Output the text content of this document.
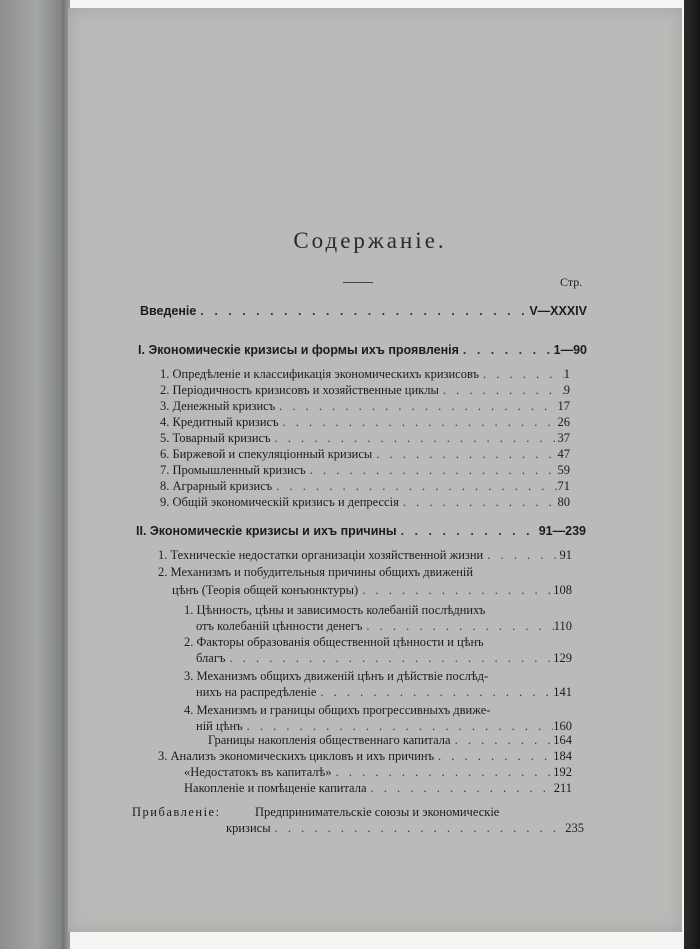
Содержаніе.
Стр.
Введеніе . . .	V—XXXIV
I. Экономическіе кризисы и формы ихъ проявленія . . .	1—90
1. Опредѣленіе и классификація экономическихъ кризисовъ . . .	1
2. Періодичность кризисовъ и хозяйственные циклы . . .	9
3. Денежный кризисъ . . .	17
4. Кредитный кризисъ . . .	26
5. Товарный кризисъ . . .	37
6. Биржевой и спекуляціонный кризисы . . .	47
7. Промышленный кризисъ . . .	59
8. Аграрный кризисъ . . .	71
9. Общій экономическій кризисъ и депрессія . . .	80
II. Экономическіе кризисы и ихъ причины . . .	91—239
1. Техническіе недостатки организаціи хозяйственной жизни . . .	91
2. Механизмъ и побудительныя причины общихъ движеній
цѣнъ (Теорія общей конъюнктуры) . . .	108
1. Цѣнность, цѣны и зависимость колебаній послѣднихъ
отъ колебаній цѣнности денегъ . . .	110
2. Факторы образованія общественной цѣнности и цѣнъ
благъ . . .	129
3. Механизмъ общихъ движеній цѣнъ и дѣйствіе послѣд-
нихъ на распредѣленіе . . .	141
4. Механизмъ и границы общихъ прогрессивныхъ движе-
ній цѣнъ . . .	160
Границы накопленія общественнаго капитала . . .	164
3. Анализъ экономическихъ цикловъ и ихъ причинъ . . .	184
«Недостатокъ въ капиталѣ» . . .	192
Накопленіе и помѣщеніе капитала . . .	211
Прибавленіе:	Предпринимательскіе союзы и экономическіе
кризисы . . .	235
